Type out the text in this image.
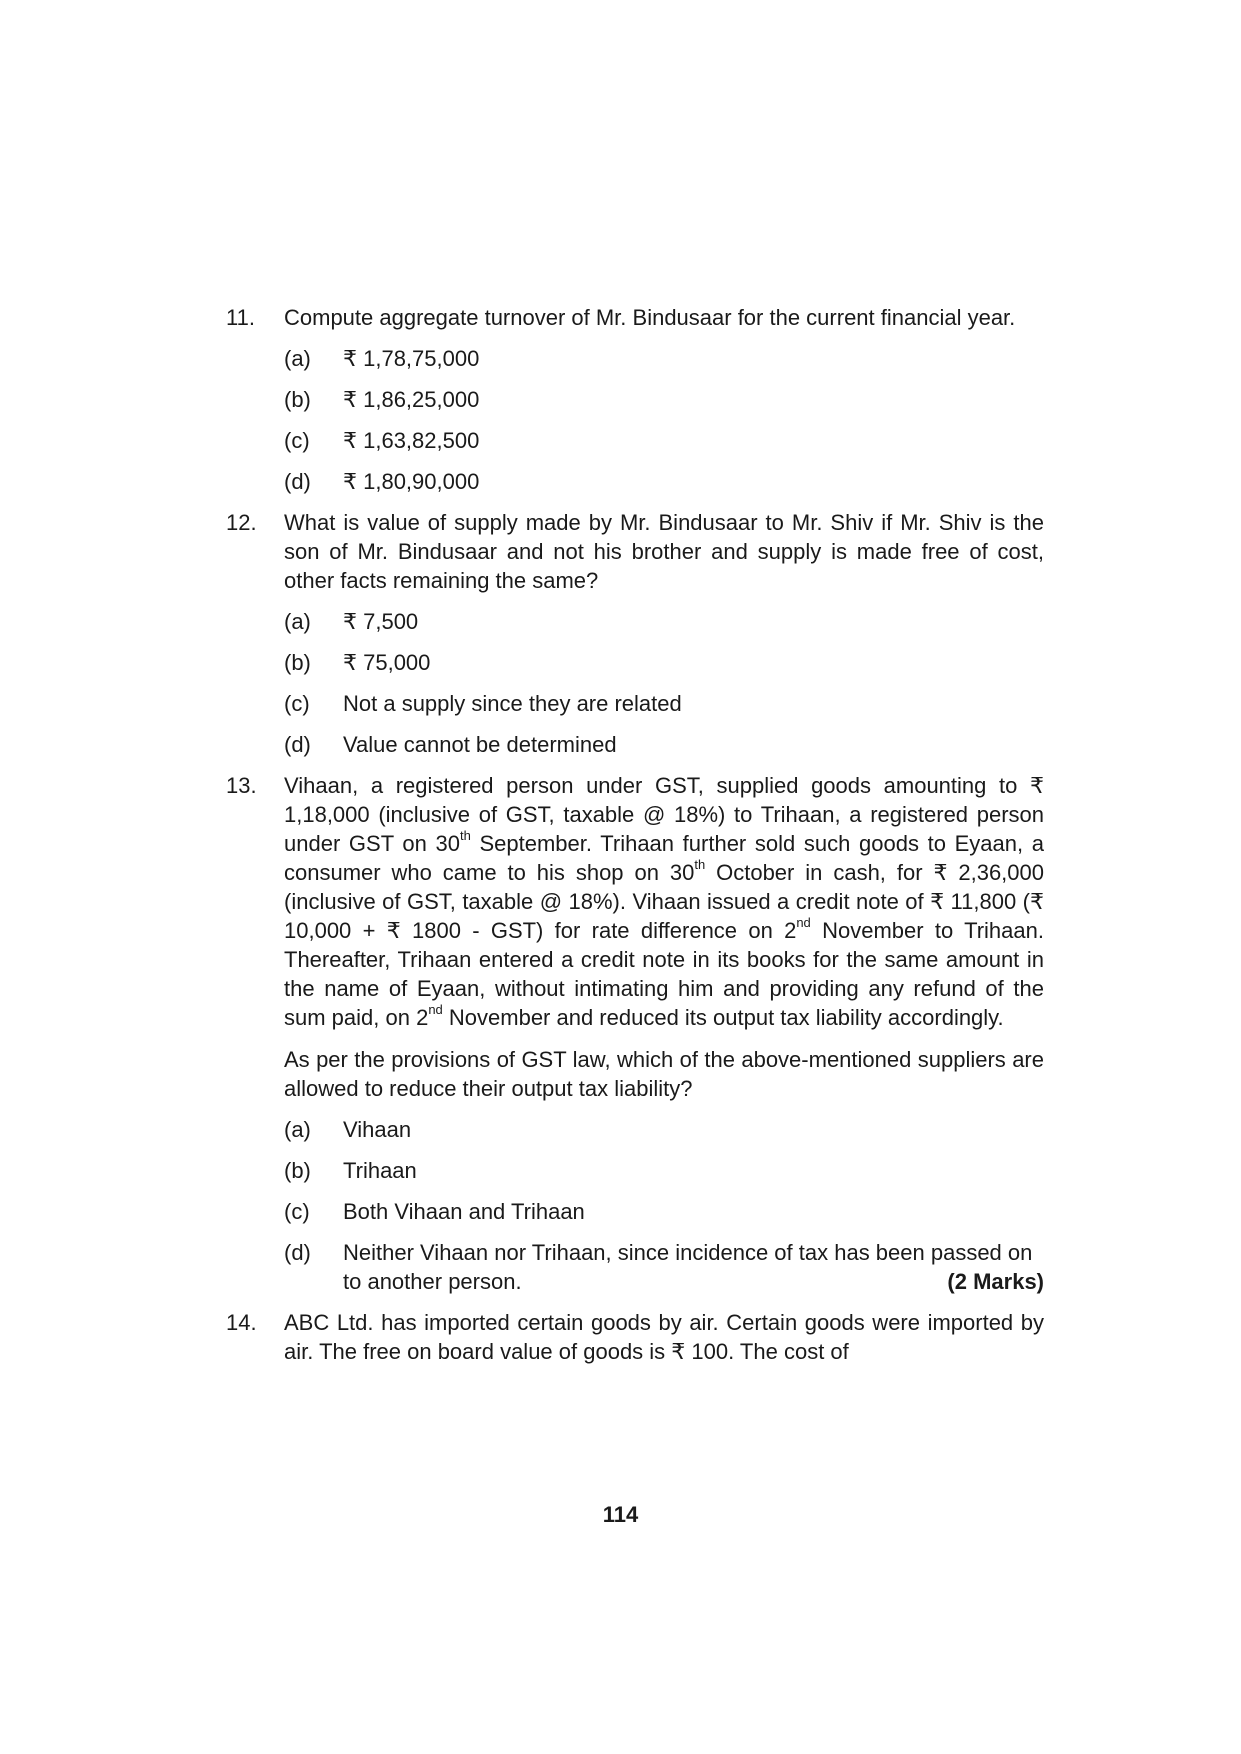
11. Compute aggregate turnover of Mr. Bindusaar for the current financial year.
(a) ₹ 1,78,75,000
(b) ₹ 1,86,25,000
(c) ₹ 1,63,82,500
(d) ₹ 1,80,90,000
12. What is value of supply made by Mr. Bindusaar to Mr. Shiv if Mr. Shiv is the son of Mr. Bindusaar and not his brother and supply is made free of cost, other facts remaining the same?
(a) ₹ 7,500
(b) ₹ 75,000
(c) Not a supply since they are related
(d) Value cannot be determined
13. Vihaan, a registered person under GST, supplied goods amounting to ₹ 1,18,000 (inclusive of GST, taxable @ 18%) to Trihaan, a registered person under GST on 30th September. Trihaan further sold such goods to Eyaan, a consumer who came to his shop on 30th October in cash, for ₹ 2,36,000 (inclusive of GST, taxable @ 18%). Vihaan issued a credit note of ₹ 11,800 (₹ 10,000 + ₹ 1800 - GST) for rate difference on 2nd November to Trihaan. Thereafter, Trihaan entered a credit note in its books for the same amount in the name of Eyaan, without intimating him and providing any refund of the sum paid, on 2nd November and reduced its output tax liability accordingly.
As per the provisions of GST law, which of the above-mentioned suppliers are allowed to reduce their output tax liability?
(a) Vihaan
(b) Trihaan
(c) Both Vihaan and Trihaan
(d) Neither Vihaan nor Trihaan, since incidence of tax has been passed on to another person.	(2 Marks)
14. ABC Ltd. has imported certain goods by air. Certain goods were imported by air. The free on board value of goods is ₹ 100. The cost of
114
